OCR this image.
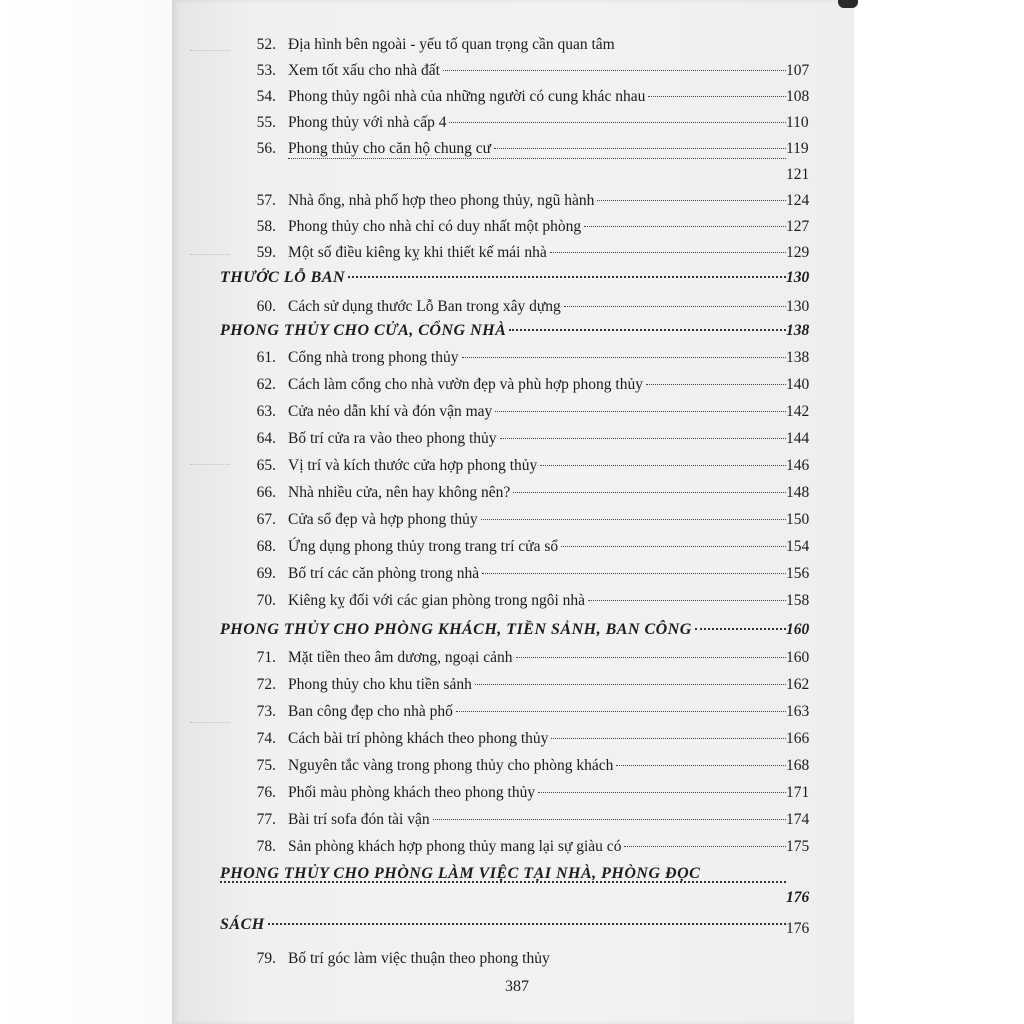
52. Địa hình bên ngoài - yếu tố quan trọng cần quan tâm
53. Xem tốt xấu cho nhà đất	107
54. Phong thủy ngôi nhà của những người có cung khác nhau	108
55. Phong thủy với nhà cấp 4	110
56. Phong thủy cho căn hộ chung cư	119
121
57. Nhà ống, nhà phố hợp theo phong thủy, ngũ hành	124
58. Phong thủy cho nhà chỉ có duy nhất một phòng	127
59. Một số điều kiêng kỵ khi thiết kế mái nhà	129
THƯỚC LỖ BAN	130
60. Cách sử dụng thước Lỗ Ban trong xây dựng	130
PHONG THỦY CHO CỬA, CỔNG NHÀ	138
61. Cổng nhà trong phong thủy	138
62. Cách làm cổng cho nhà vườn đẹp và phù hợp phong thủy	140
63. Cửa nẻo dẫn khí và đón vận may	142
64. Bố trí cửa ra vào theo phong thủy	144
65. Vị trí và kích thước cửa hợp phong thủy	146
66. Nhà nhiều cửa, nên hay không nên?	148
67. Cửa sổ đẹp và hợp phong thủy	150
68. Ứng dụng phong thủy trong trang trí cửa sổ	154
69. Bố trí các căn phòng trong nhà	156
70. Kiêng kỵ đối với các gian phòng trong ngôi nhà	158
PHONG THỦY CHO PHÒNG KHÁCH, TIỀN SẢNH, BAN CÔNG	160
71. Mặt tiền theo âm dương, ngoại cảnh	160
72. Phong thủy cho khu tiền sảnh	162
73. Ban công đẹp cho nhà phố	163
74. Cách bài trí phòng khách theo phong thủy	166
75. Nguyên tắc vàng trong phong thủy cho phòng khách	168
76. Phối màu phòng khách theo phong thủy	171
77. Bài trí sofa đón tài vận	174
78. Sản phòng khách hợp phong thủy mang lại sự giàu có	175
PHONG THỦY CHO PHÒNG LÀM VIỆC TẠI NHÀ, PHÒNG ĐỌC
176
SÁCH	176
79. Bố trí góc làm việc thuận theo phong thủy
387
